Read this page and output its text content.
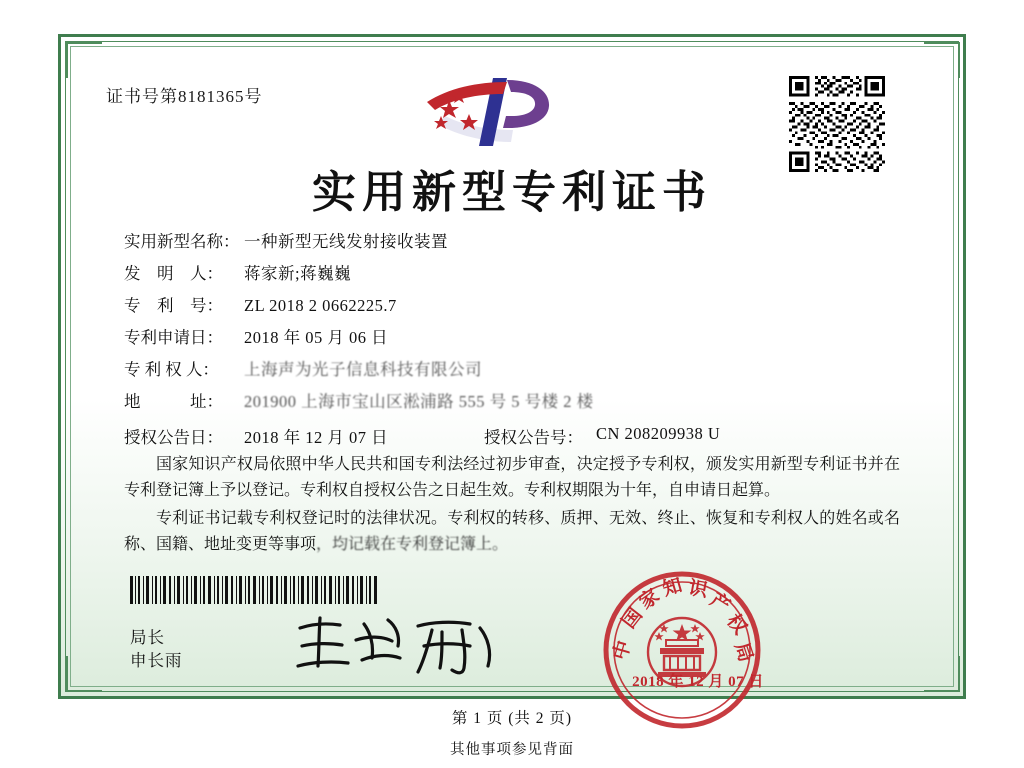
证书号第8181365号
实用新型专利证书
实用新型名称： 一种新型无线发射接收装置
发　明　人：	蒋家新;蒋巍巍
专　利　号：	ZL 2018 2 0662225.7
专利申请日：	2018 年 05 月 06 日
专 利 权 人：	上海声为光子信息科技有限公司
地　　　址：	201900 上海市宝山区淞浦路 555 号 5 号楼 2 楼
授权公告日：	2018 年 12 月 07 日	授权公告号： CN 208209938 U

国家知识产权局依照中华人民共和国专利法经过初步审查，决定授予专利权，颁发实用新型专利证书并在专利登记簿上予以登记。专利权自授权公告之日起生效。专利权期限为十年，自申请日起算。

专利证书记载专利权登记时的法律状况。专利权的转移、质押、无效、终止、恢复和专利权人的姓名或名称、国籍、地址变更等事项，均记载在专利登记簿上。

局长
申长雨
国
家
知 识
产
权
局
中
2018 年 12 月 07 日
第 1 页 (共 2 页)
其他事项参见背面
